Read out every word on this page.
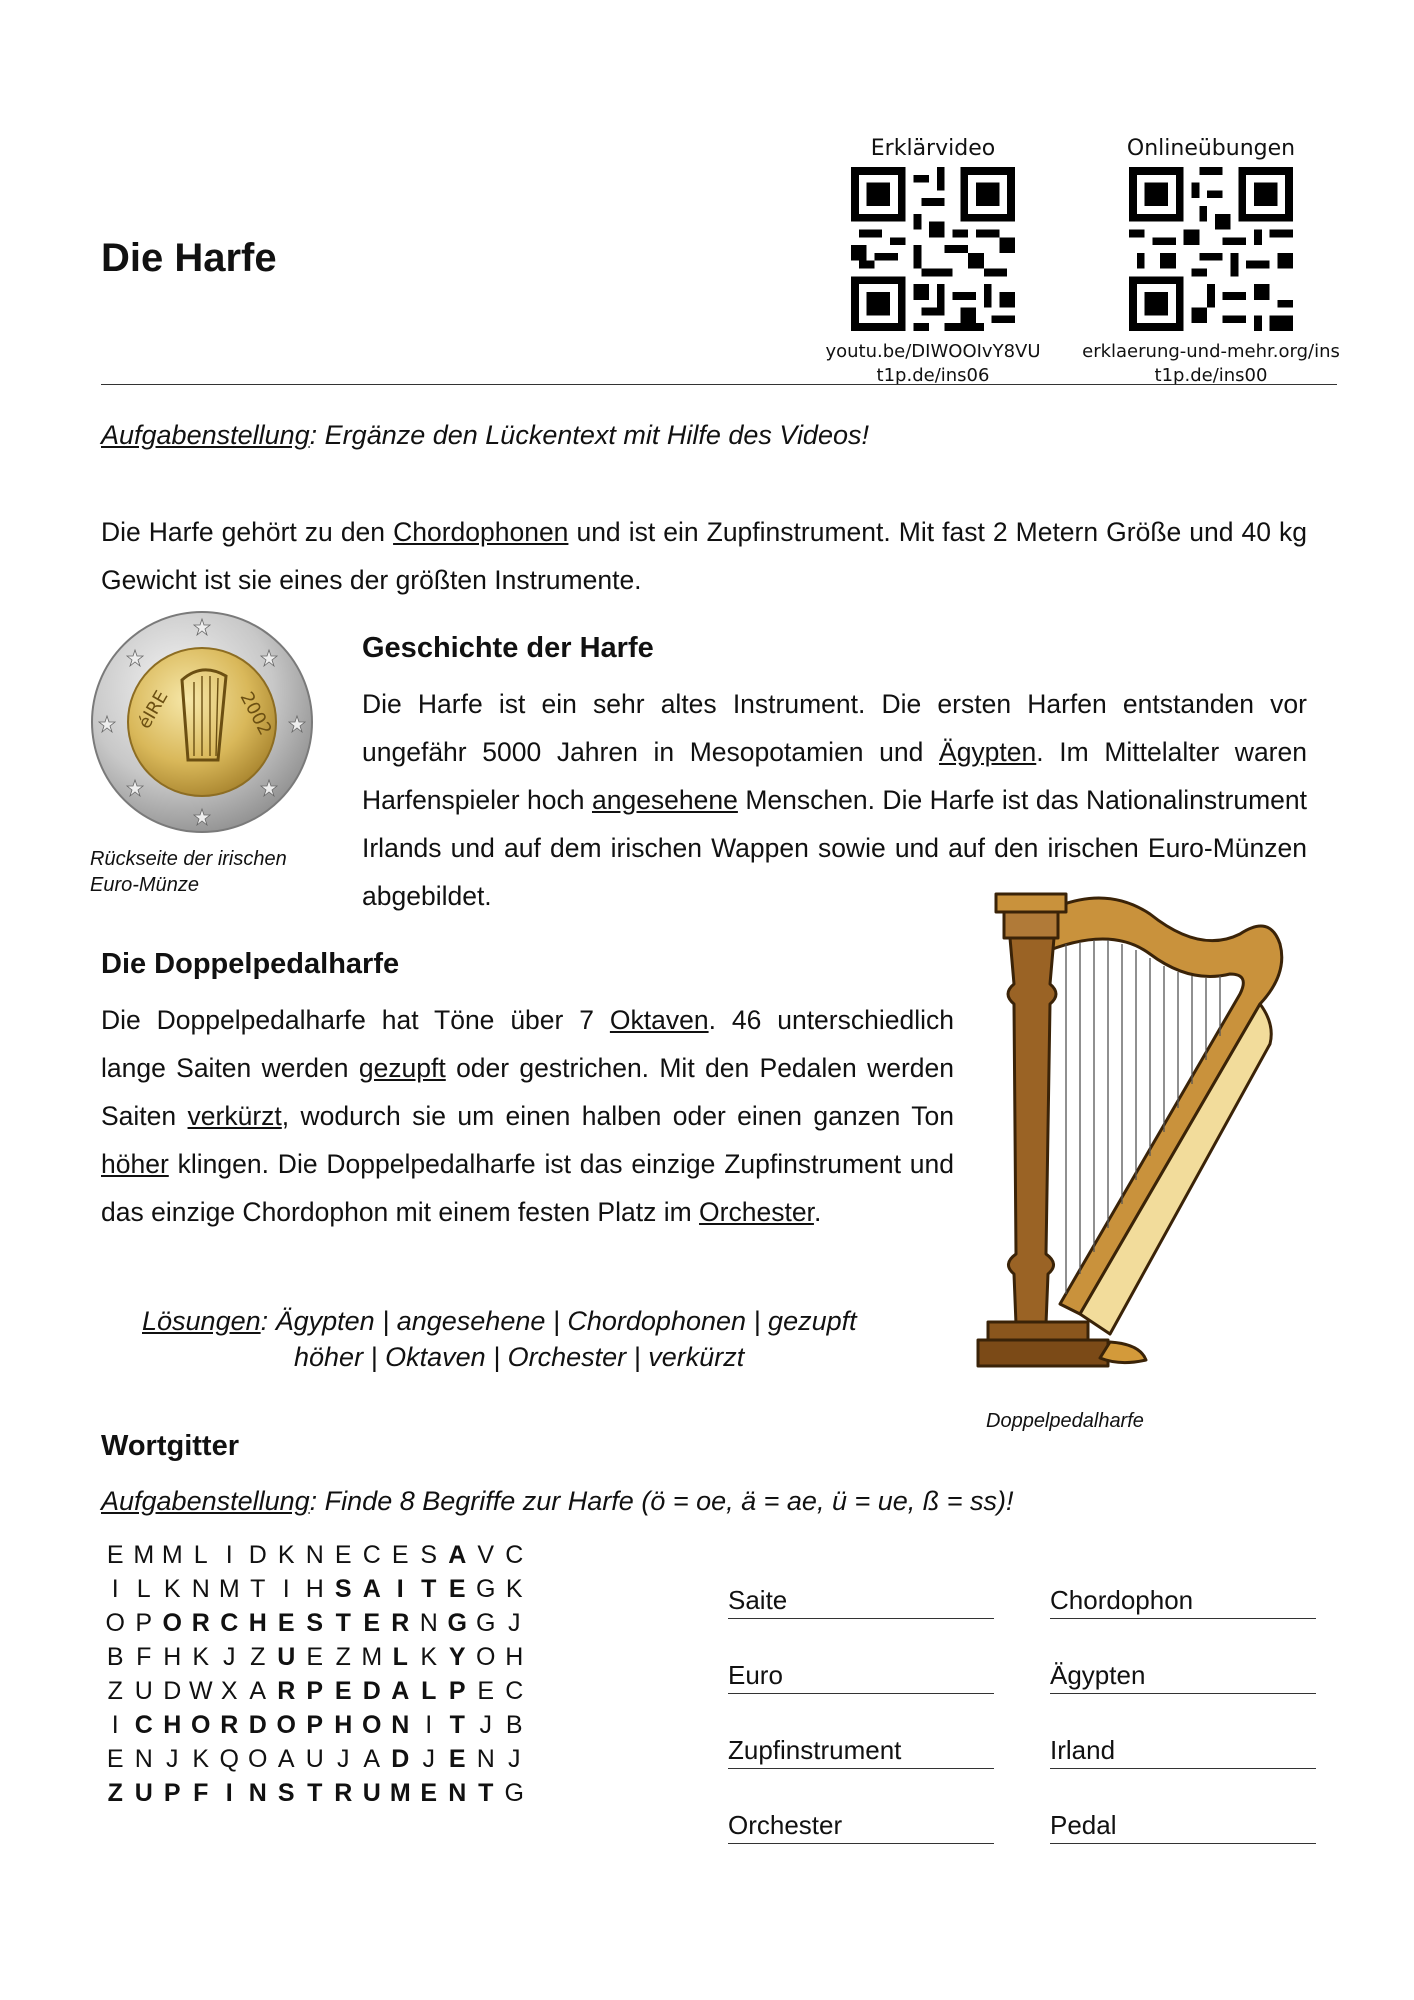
Die Harfe
Erklärvideo
youtu.be/DIWOOIvY8VU
t1p.de/ins06
Onlineübungen
erklaerung-und-mehr.org/ins
t1p.de/ins00
Aufgabenstellung: Ergänze den Lückentext mit Hilfe des Videos!
Die Harfe gehört zu den Chordophonen und ist ein Zupfinstrument. Mit fast 2 Metern Größe und 40 kg Gewicht ist sie eines der größten Instrumente.
éIRE	2002
Rückseite der irischen
Euro-Münze
Geschichte der Harfe
Die Harfe ist ein sehr altes Instrument. Die ersten Harfen entstanden vor ungefähr 5000 Jahren in Mesopotamien und Ägypten. Im Mittelalter waren Harfenspieler hoch angesehene Menschen. Die Harfe ist das Nationalinstrument Irlands und auf dem irischen Wappen sowie und auf den irischen Euro-Münzen abgebildet.
Die Doppelpedalharfe
Die Doppelpedalharfe hat Töne über 7 Oktaven. 46 unterschiedlich lange Saiten werden gezupft oder gestrichen. Mit den Pedalen werden Saiten verkürzt, wodurch sie um einen halben oder einen ganzen Ton höher klingen. Die Doppelpedalharfe ist das einzige Zupfinstrument und das einzige Chordophon mit einem festen Platz im Orchester.
Lösungen: Ägypten | angesehene | Chordophonen | gezupft
höher | Oktaven | Orchester | verkürzt
Doppelpedalharfe
Wortgitter
Aufgabenstellung: Finde 8 Begriffe zur Harfe (ö = oe, ä = ae, ü = ue, ß = ss)!
E M M L I D K N E C E S A V C
I L K N M T I H S A I T E G K
O P O R C H E S T E R N G G J
B F H K J Z U E Z M L K Y O H
Z U D W X A R P E D A L P E C
I C H O R D O P H O N I T J B
E N J K Q O A U J A D J E N J
Z U P F I N S T R U M E N T G
Saite	Chordophon
Euro	Ägypten
Zupfinstrument	Irland
Orchester	Pedal
